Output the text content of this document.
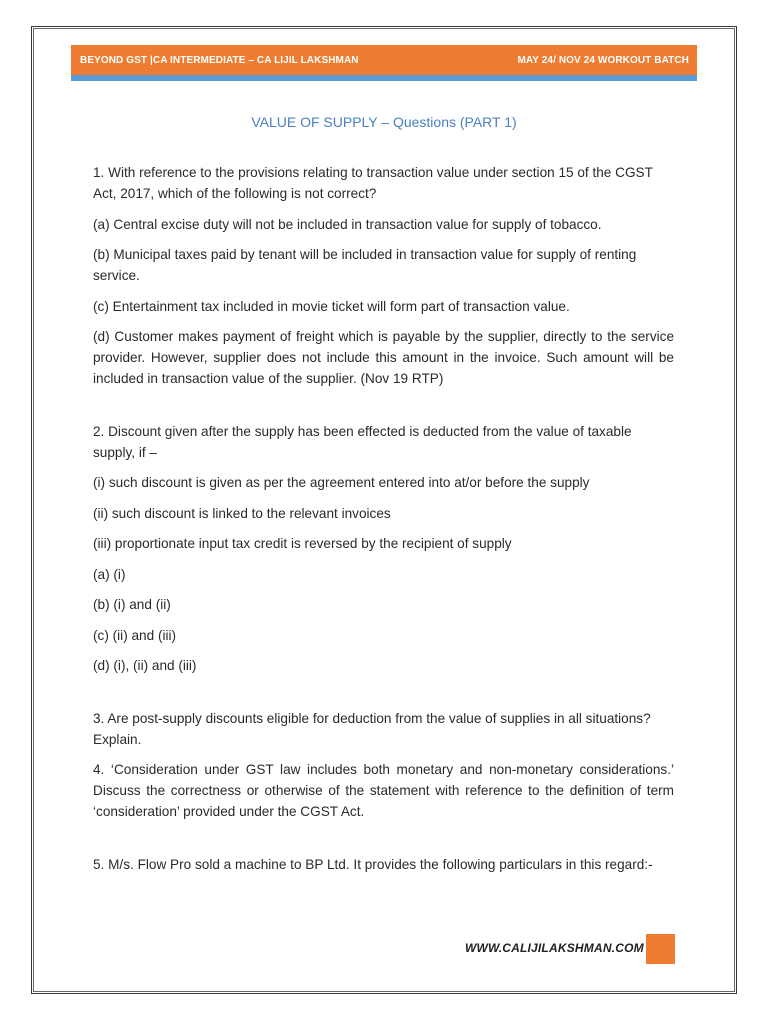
BEYOND GST |CA INTERMEDIATE – CA LIJIL LAKSHMAN	MAY 24/ NOV 24 WORKOUT BATCH
VALUE OF SUPPLY – Questions (PART 1)

1. With reference to the provisions relating to transaction value under section 15 of the CGST Act, 2017, which of the following is not correct?

(a) Central excise duty will not be included in transaction value for supply of tobacco.

(b) Municipal taxes paid by tenant will be included in transaction value for supply of renting service.

(c) Entertainment tax included in movie ticket will form part of transaction value.

(d) Customer makes payment of freight which is payable by the supplier, directly to the service provider. However, supplier does not include this amount in the invoice. Such amount will be included in transaction value of the supplier. (Nov 19 RTP)

2. Discount given after the supply has been effected is deducted from the value of taxable supply, if –

(i) such discount is given as per the agreement entered into at/or before the supply

(ii) such discount is linked to the relevant invoices

(iii) proportionate input tax credit is reversed by the recipient of supply

(a) (i)

(b) (i) and (ii)

(c) (ii) and (iii)

(d) (i), (ii) and (iii)

3. Are post-supply discounts eligible for deduction from the value of supplies in all situations? Explain.

4. ‘Consideration under GST law includes both monetary and non-monetary considerations.’ Discuss the correctness or otherwise of the statement with reference to the definition of term ‘consideration’ provided under the CGST Act.

5. M/s. Flow Pro sold a machine to BP Ltd. It provides the following particulars in this regard:-

WWW.CALIJILAKSHMAN.COM
